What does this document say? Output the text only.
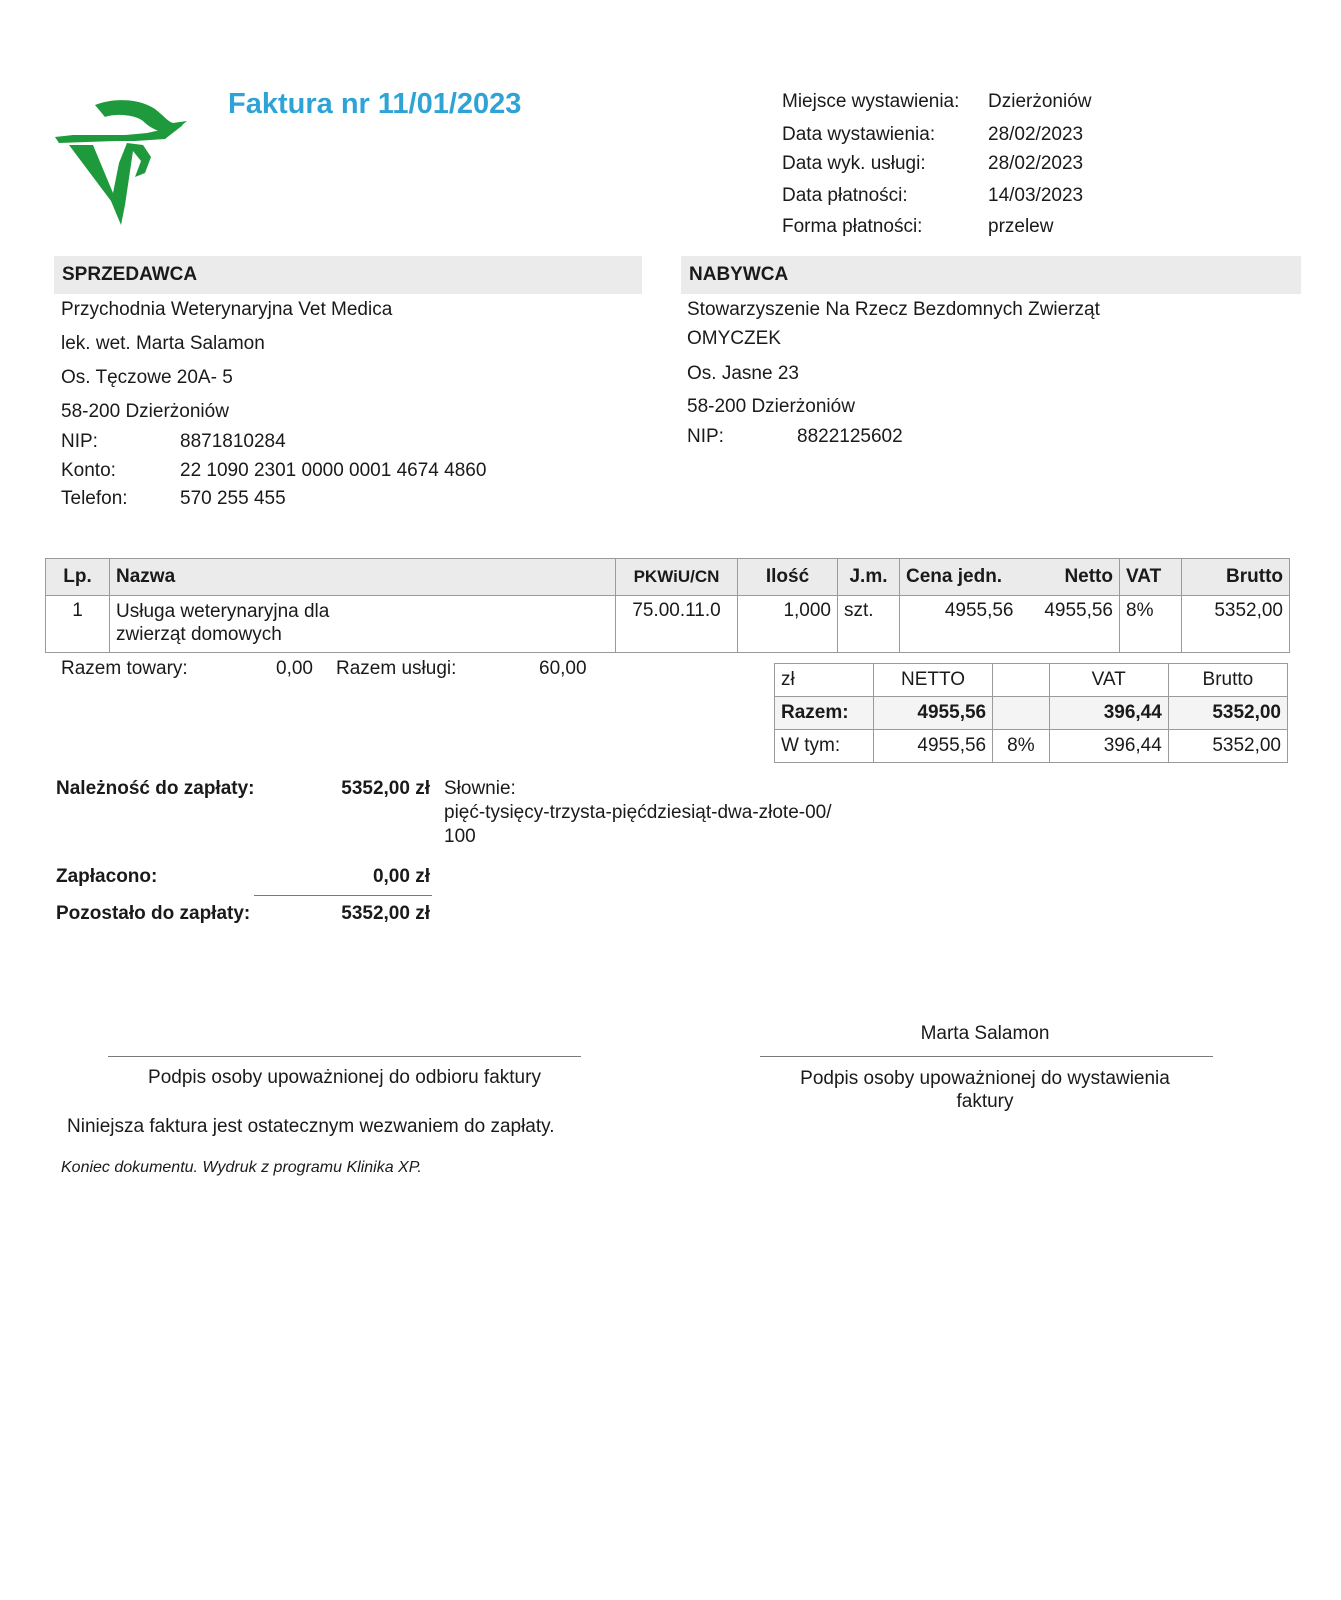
Faktura nr 11/01/2023	Miejsce wystawienia: Dzierżoniów
Data wystawienia:	28/02/2023
Data wyk. usługi:	28/02/2023
Data płatności:	14/03/2023
Forma płatności:	przelew
SPRZEDAWCA
Przychodnia Weterynaryjna Vet Medica
lek. wet. Marta Salamon
Os. Tęczowe 20A- 5
58-200 Dzierżoniów
NIP:	8871810284
Konto:	22 1090 2301 0000 0001 4674 4860
Telefon:	570 255 455
NABYWCA
Stowarzyszenie Na Rzecz Bezdomnych Zwierząt
OMYCZEK
Os. Jasne 23
58-200 Dzierżoniów
NIP:	8822125602
Lp.	Nazwa	PKWiU/CN	Ilość	J.m.	Cena jedn.	Netto	VAT	Brutto
1	Usługa weterynaryjna dla
zwierząt domowych	75.00.11.0	1,000	szt.	4955,56	4955,56	8%	5352,00
Razem towary:	0,00 Razem usługi:	60,00
zł	NETTO		VAT	Brutto
Razem:	4955,56		396,44	5352,00
W tym:	4955,56	8%	396,44	5352,00
Należność do zapłaty:	5352,00 zł Słownie:
pięć-tysięcy-trzysta-pięćdziesiąt-dwa-złote-00/
100
Zapłacono:	0,00 zł
Pozostało do zapłaty:	5352,00 zł
Marta Salamon
Podpis osoby upoważnionej do odbioru faktury	Podpis osoby upoważnionej do wystawienia faktury
Niniejsza faktura jest ostatecznym wezwaniem do zapłaty.
Koniec dokumentu. Wydruk z programu Klinika XP.
